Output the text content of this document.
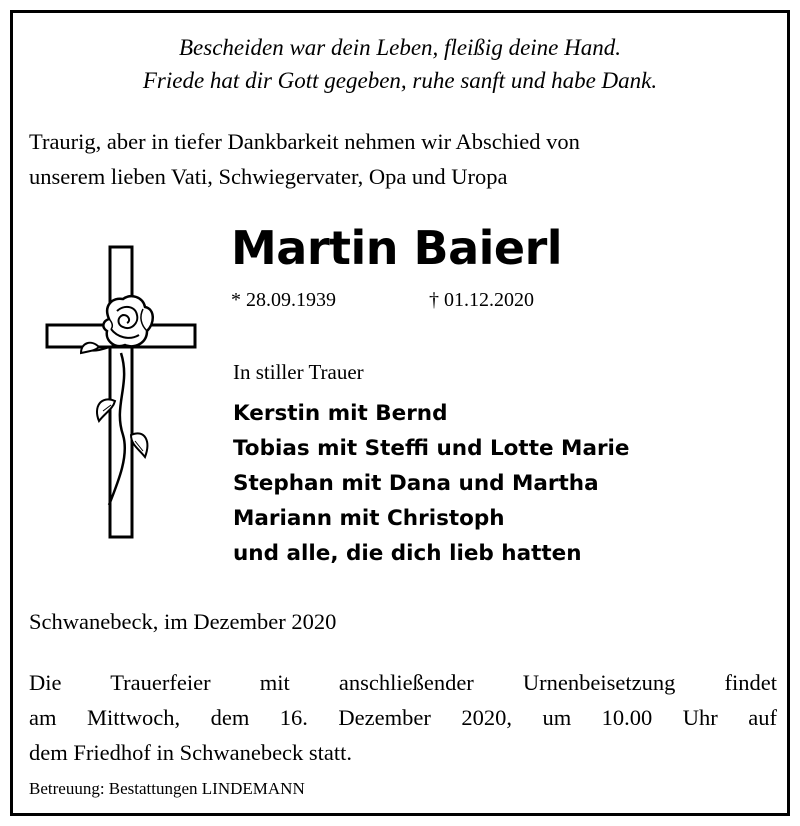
Bescheiden war dein Leben, fleißig deine Hand.
Friede hat dir Gott gegeben, ruhe sanft und habe Dank.
Traurig, aber in tiefer Dankbarkeit nehmen wir Abschied von
unserem lieben Vati, Schwiegervater, Opa und Uropa
Martin Baierl
* 28.09.1939	† 01.12.2020
In stiller Trauer
Kerstin mit Bernd
Tobias mit Steffi und Lotte Marie
Stephan mit Dana und Martha
Mariann mit Christoph
und alle, die dich lieb hatten
Schwanebeck, im Dezember 2020
Die Trauerfeier mit anschließender Urnenbeisetzung findet
am Mittwoch, dem 16. Dezember 2020, um 10.00 Uhr auf
dem Friedhof in Schwanebeck statt.
Betreuung: Bestattungen LINDEMANN
